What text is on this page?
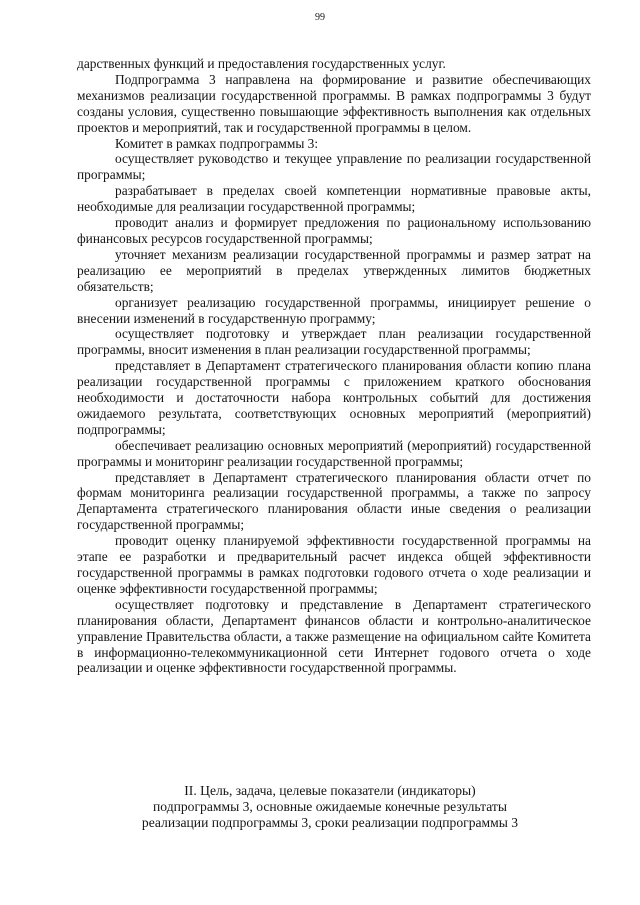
99

дарственных функций и предоставления государственных услуг.

Подпрограмма 3 направлена на формирование и развитие обеспечивающих механизмов реализации государственной программы. В рамках подпрограммы 3 будут созданы условия, существенно повышающие эффективность выполнения как отдельных проектов и мероприятий, так и государственной программы в целом.

Комитет в рамках подпрограммы 3:

осуществляет руководство и текущее управление по реализации государственной программы;

разрабатывает в пределах своей компетенции нормативные правовые акты, необходимые для реализации государственной программы;

проводит анализ и формирует предложения по рациональному использованию финансовых ресурсов государственной программы;

уточняет механизм реализации государственной программы и размер затрат на реализацию ее мероприятий в пределах утвержденных лимитов бюджетных обязательств;

организует реализацию государственной программы, инициирует решение о внесении изменений в государственную программу;

осуществляет подготовку и утверждает план реализации государственной программы, вносит изменения в план реализации государственной программы;

представляет в Департамент стратегического планирования области копию плана реализации государственной программы с приложением краткого обоснования необходимости и достаточности набора контрольных событий для достижения ожидаемого результата, соответствующих основных мероприятий (мероприятий) подпрограммы;

обеспечивает реализацию основных мероприятий (мероприятий) государственной программы и мониторинг реализации государственной программы;

представляет в Департамент стратегического планирования области отчет по формам мониторинга реализации государственной программы, а также по запросу Департамента стратегического планирования области иные сведения о реализации государственной программы;

проводит оценку планируемой эффективности государственной программы на этапе ее разработки и предварительный расчет индекса общей эффективности государственной программы в рамках подготовки годового отчета о ходе реализации и оценке эффективности государственной программы;

осуществляет подготовку и представление в Департамент стратегического планирования области, Департамент финансов области и контрольно-аналитическое управление Правительства области, а также размещение на официальном сайте Комитета в информационно-телекоммуникационной сети Интернет годового отчета о ходе реализации и оценке эффективности государственной программы.

II. Цель, задача, целевые показатели (индикаторы)
подпрограммы 3, основные ожидаемые конечные результаты
реализации подпрограммы 3, сроки реализации подпрограммы 3
